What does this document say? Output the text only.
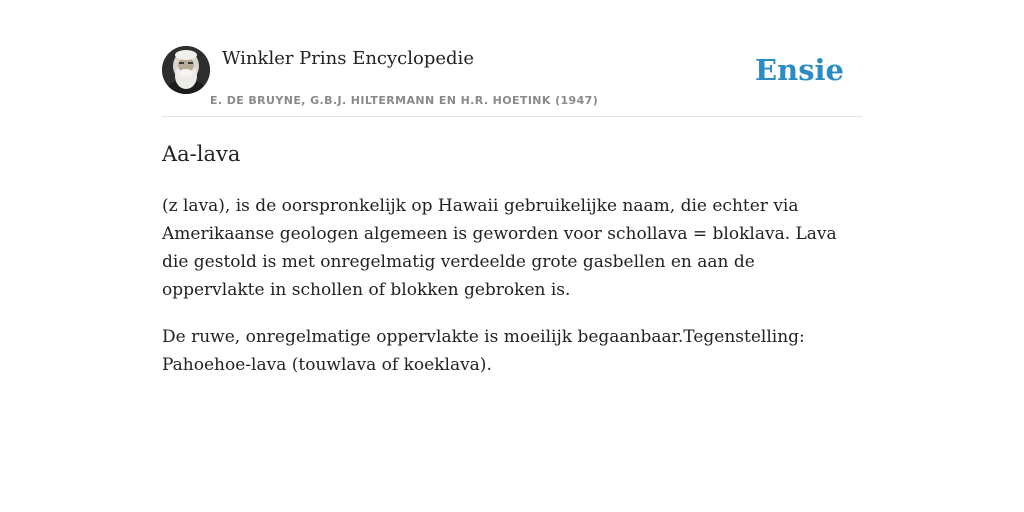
Winkler Prins Encyclopedie
E. DE BRUYNE, G.B.J. HILTERMANN EN H.R. HOETINK (1947)
Ensie
Aa-lava

(z lava), is de oorspronkelijk op Hawaii gebruikelijke naam, die echter via Amerikaanse geologen algemeen is geworden voor schollava = bloklava. Lava die gestold is met onregelmatig verdeelde grote gasbellen en aan de oppervlakte in schollen of blokken gebroken is.

De ruwe, onregelmatige oppervlakte is moeilijk begaanbaar.Tegenstelling: Pahoehoe-lava (touwlava of koeklava).
